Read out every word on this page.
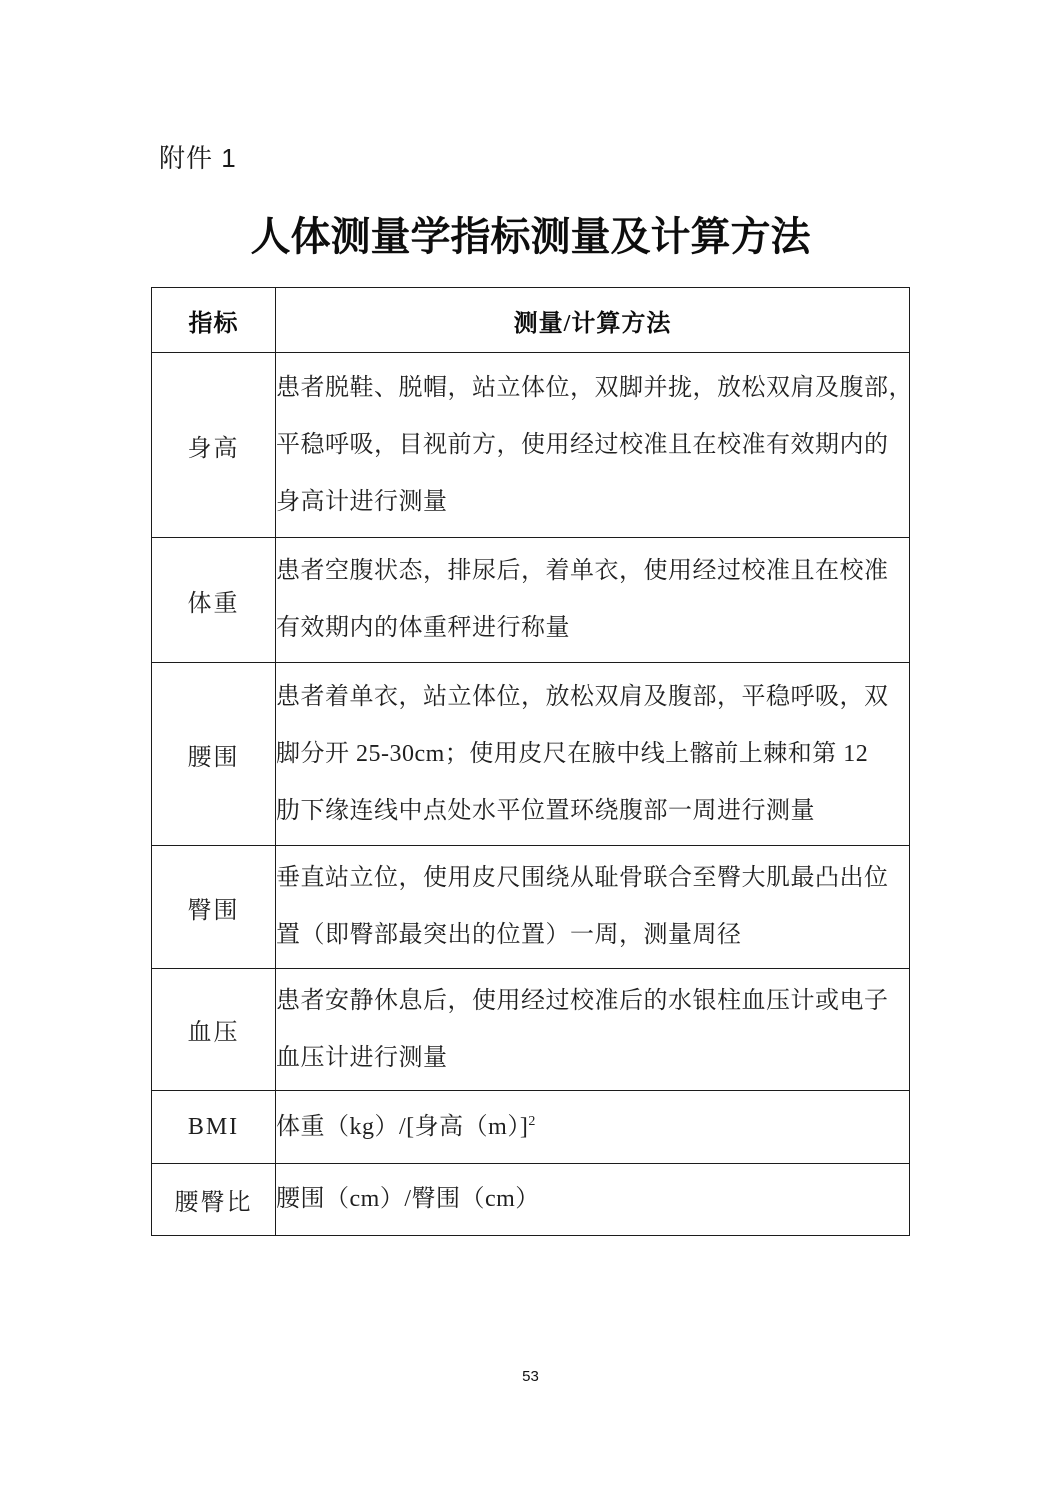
附件 1
人体测量学指标测量及计算方法
指标	测量/计算方法
身高	患者脱鞋、脱帽，站立体位，双脚并拢，放松双肩及腹部，
平稳呼吸，目视前方，使用经过校准且在校准有效期内的
身高计进行测量

体重	患者空腹状态，排尿后，着单衣，使用经过校准且在校准
有效期内的体重秤进行称量

腰围	患者着单衣，站立体位，放松双肩及腹部，平稳呼吸，双
脚分开 25-30cm；使用皮尺在腋中线上髂前上棘和第 12
肋下缘连线中点处水平位置环绕腹部一周进行测量

臀围	垂直站立位，使用皮尺围绕从耻骨联合至臀大肌最凸出位
置（即臀部最突出的位置）一周，测量周径

血压	患者安静休息后，使用经过校准后的水银柱血压计或电子
血压计进行测量

BMI	体重（kg）/[身高（m）]$^2$

腰臀比	腰围（cm）/臀围（cm）
53
